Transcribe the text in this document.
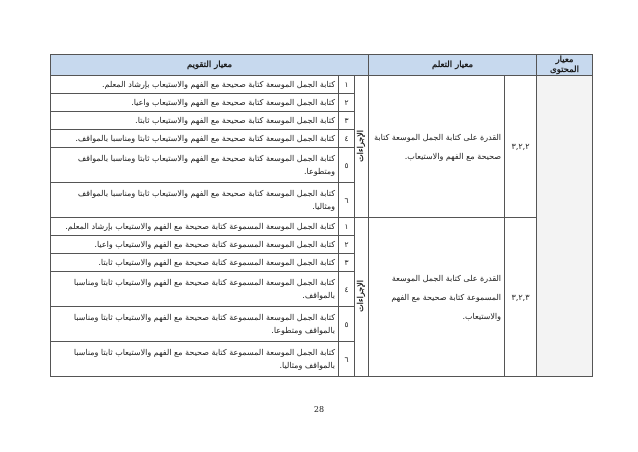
معيار المحتوى	معيار التعلم		معيار التقويم		
	٣,٢,٢	القدرة على كتابة الجمل الموسعة كتابة صحيحة مع الفهم والاستيعاب.	الإجراءات	١	كتابة الجمل الموسعة كتابة صحيحة مع الفهم والاستيعاب بإرشاد المعلم.
				٢	كتابة الجمل الموسعة كتابة صحيحة مع الفهم والاستيعاب واعيا.
				٣	كتابة الجمل الموسعة كتابة صحيحة مع الفهم والاستيعاب ثابتا.
				٤	كتابة الجمل الموسعة كتابة صحيحة مع الفهم والاستيعاب ثابتا ومناسبا بالمواقف.
				٥	كتابة الجمل الموسعة كتابة صحيحة مع الفهم والاستيعاب ثابتا ومناسبا بالمواقف ومتطوعا.
				٦	كتابة الجمل الموسعة كتابة صحيحة مع الفهم والاستيعاب ثابتا ومناسبا بالمواقف ومثاليا.
	٣,٢,٣	القدرة على كتابة الجمل الموسعة المسموعة كتابة صحيحة مع الفهم والاستيعاب.	الإجراءات	١	كتابة الجمل الموسعة المسموعة كتابة صحيحة مع الفهم والاستيعاب بإرشاد المعلم.
				٢	كتابة الجمل الموسعة المسموعة كتابة صحيحة مع الفهم والاستيعاب واعيا.
				٣	كتابة الجمل الموسعة المسموعة كتابة صحيحة مع الفهم والاستيعاب ثابتا.
				٤	كتابة الجمل الموسعة المسموعة كتابة صحيحة مع الفهم والاستيعاب ثابتا ومناسبا بالمواقف.
				٥	كتابة الجمل الموسعة المسموعة كتابة صحيحة مع الفهم والاستيعاب ثابتا ومناسبا بالمواقف ومتطوعا.
				٦	كتابة الجمل الموسعة المسموعة كتابة صحيحة مع الفهم والاستيعاب ثابتا ومناسبا بالمواقف ومثاليا.
28
